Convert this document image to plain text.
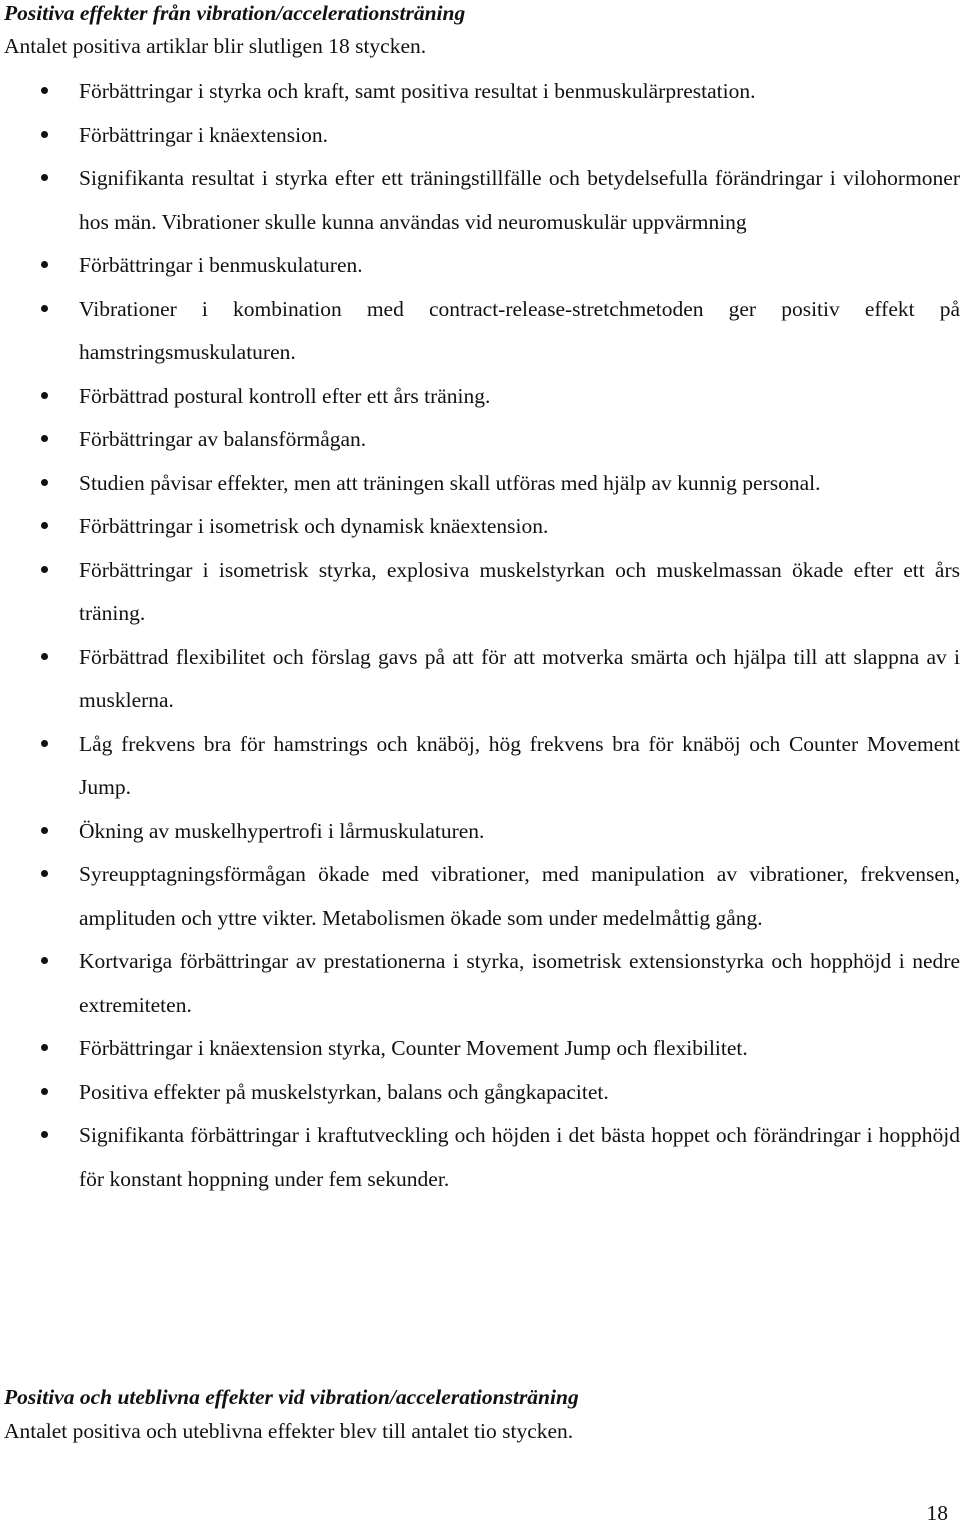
Positiva effekter från vibration/accelerationsträning
Antalet positiva artiklar blir slutligen 18 stycken.
Förbättringar i styrka och kraft, samt positiva resultat i benmuskulärprestation.
Förbättringar i knäextension.
Signifikanta resultat i styrka efter ett träningstillfälle och betydelsefulla förändringar i vilohormoner hos män. Vibrationer skulle kunna användas vid neuromuskulär uppvärmning
Förbättringar i benmuskulaturen.
Vibrationer i kombination med contract-release-stretchmetoden ger positiv effekt på hamstringsmuskulaturen.
Förbättrad postural kontroll efter ett års träning.
Förbättringar av balansförmågan.
Studien påvisar effekter, men att träningen skall utföras med hjälp av kunnig personal.
Förbättringar i isometrisk och dynamisk knäextension.
Förbättringar i isometrisk styrka, explosiva muskelstyrkan och muskelmassan ökade efter ett års träning.
Förbättrad flexibilitet och förslag gavs på att för att motverka smärta och hjälpa till att slappna av i musklerna.
Låg frekvens bra för hamstrings och knäböj, hög frekvens bra för knäböj och Counter Movement Jump.
Ökning av muskelhypertrofi i lårmuskulaturen.
Syreupptagningsförmågan ökade med vibrationer, med manipulation av vibrationer, frekvensen, amplituden och yttre vikter. Metabolismen ökade som under medelmåttig gång.
Kortvariga förbättringar av prestationerna i styrka, isometrisk extensionstyrka och hopphöjd i nedre extremiteten.
Förbättringar i knäextension styrka, Counter Movement Jump och flexibilitet.
Positiva effekter på muskelstyrkan, balans och gångkapacitet.
Signifikanta förbättringar i kraftutveckling och höjden i det bästa hoppet och förändringar i hopphöjd för konstant hoppning under fem sekunder.
Positiva och uteblivna effekter vid vibration/accelerationsträning
Antalet positiva och uteblivna effekter blev till antalet tio stycken.
18
